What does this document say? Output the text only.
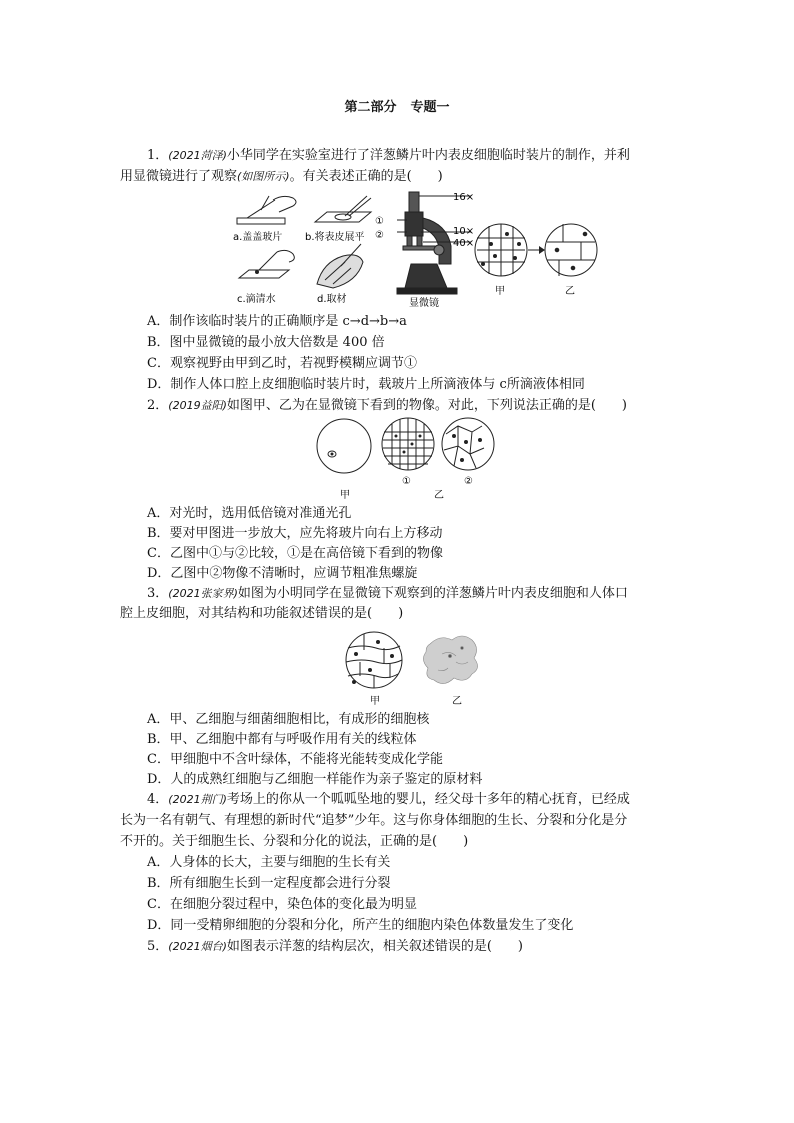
第二部分 专题一
1．(2021菏泽)小华同学在实验室进行了洋葱鳞片叶内表皮细胞临时装片的制作，并利
用显微镜进行了观察(如图所示)。有关表述正确的是(　　)
a.盖盖玻片 b.将表皮展平
c.滴清水	d.取材
16×
10×
40×
①
②
显微镜
甲	乙
A．制作该临时装片的正确顺序是 c→d→b→a
B．图中显微镜的最小放大倍数是 400 倍
C．观察视野由甲到乙时，若视野模糊应调节①
D．制作人体口腔上皮细胞临时装片时，载玻片上所滴液体与 c所滴液体相同
2．(2019益阳)如图甲、乙为在显微镜下看到的物像。对此，下列说法正确的是(　　)
甲
①	②
乙
A．对光时，选用低倍镜对准通光孔
B．要对甲图进一步放大，应先将玻片向右上方移动
C．乙图中①与②比较，①是在高倍镜下看到的物像
D．乙图中②物像不清晰时，应调节粗准焦螺旋
3．(2021张家界)如图为小明同学在显微镜下观察到的洋葱鳞片叶内表皮细胞和人体口
腔上皮细胞，对其结构和功能叙述错误的是(　　)
甲	乙
A．甲、乙细胞与细菌细胞相比，有成形的细胞核
B．甲、乙细胞中都有与呼吸作用有关的线粒体
C．甲细胞中不含叶绿体，不能将光能转变成化学能
D．人的成熟红细胞与乙细胞一样能作为亲子鉴定的原材料
4．(2021荆门)考场上的你从一个呱呱坠地的婴儿，经父母十多年的精心抚育，已经成
长为一名有朝气、有理想的新时代“追梦”少年。这与你身体细胞的生长、分裂和分化是分
不开的。关于细胞生长、分裂和分化的说法，正确的是(　　)
A．人身体的长大，主要与细胞的生长有关
B．所有细胞生长到一定程度都会进行分裂
C．在细胞分裂过程中，染色体的变化最为明显
D．同一受精卵细胞的分裂和分化，所产生的细胞内染色体数量发生了变化
5．(2021烟台)如图表示洋葱的结构层次，相关叙述错误的是(　　)
